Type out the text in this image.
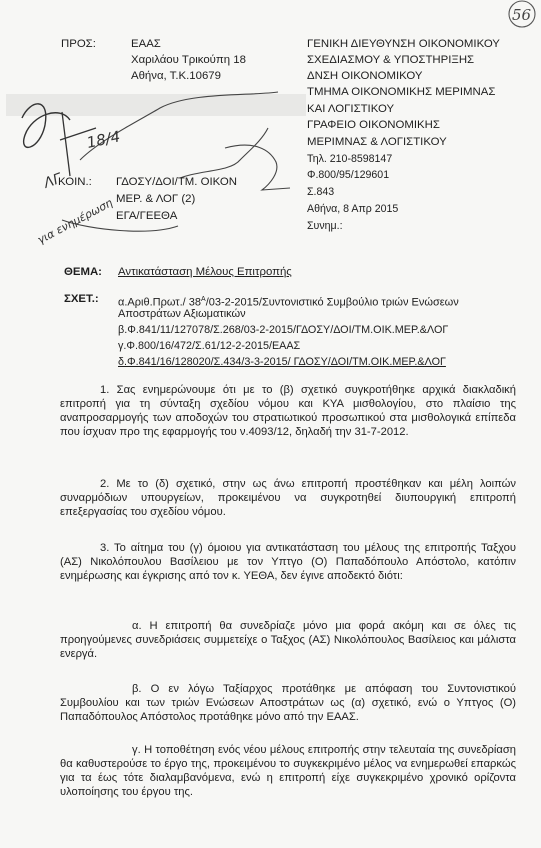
56
18/4
ΛΓ
για ενημέρωση
ΠΡΟΣ:	ΕΑΑΣ
Χαριλάου Τρικούπη 18
Αθήνα, Τ.Κ.10679
ΓΕΝΙΚΗ ΔΙΕΥΘΥΝΣΗ ΟΙΚΟΝΟΜΙΚΟΥ
ΣΧΕΔΙΑΣΜΟΥ & ΥΠΟΣΤΗΡΙΞΗΣ
ΔΝΣΗ ΟΙΚΟΝΟΜΙΚΟΥ
ΤΜΗΜΑ ΟΙΚΟΝΟΜΙΚΗΣ ΜΕΡΙΜΝΑΣ
ΚΑΙ ΛΟΓΙΣΤΙΚΟΥ
ΓΡΑΦΕΙΟ ΟΙΚΟΝΟΜΙΚΗΣ
ΜΕΡΙΜΝΑΣ & ΛΟΓΙΣΤΙΚΟΥ
Τηλ. 210-8598147
Φ.800/95/129601
Σ.843
Αθήνα, 8 Απρ 2015
Συνημ.:
ΚΟΙΝ.: ΓΔΟΣΥ/ΔΟΙ/ΤΜ. ΟΙΚΟΝ
ΜΕΡ. & ΛΟΓ (2)
ΕΓΑ/ΓΕΕΘΑ
ΘΕΜΑ: Αντικατάσταση Μέλους Επιτροπής
ΣΧΕΤ.: α.Αριθ.Πρωτ./ $38^A/03-2-2015$/Συντονιστικό Συμβούλιο τριών Ενώσεων
Αποστράτων Αξιωματικών
β.Φ.841/11/127078/Σ.268/03-2-2015/ΓΔΟΣΥ/ΔΟΙ/ΤΜ.ΟΙΚ.ΜΕΡ.&ΛΟΓ
γ.Φ.800/16/472/Σ.61/12-2-2015/ΕΑΑΣ
δ.Φ.841/16/128020/Σ.434/3-3-2015/ ΓΔΟΣΥ/ΔΟΙ/ΤΜ.ΟΙΚ.ΜΕΡ.&ΛΟΓ

1. Σας ενημερώνουμε ότι με το (β) σχετικό συγκροτήθηκε αρχικά διακλαδική επιτροπή για τη σύνταξη σχεδίου νόμου και ΚΥΑ μισθολογίου, στο πλαίσιο της αναπροσαρμογής των αποδοχών του στρατιωτικού προσωπικού στα μισθολογικά επίπεδα που ίσχυαν προ της εφαρμογής του ν.4093/12, δηλαδή την 31-7-2012.

2. Με το (δ) σχετικό, στην ως άνω επιτροπή προστέθηκαν και μέλη λοιπών συναρμόδιων υπουργείων, προκειμένου να συγκροτηθεί διυπουργική επιτροπή επεξεργασίας του σχεδίου νόμου.

3. Το αίτημα του (γ) όμοιου για αντικατάσταση του μέλους της επιτροπής Ταξχου (ΑΣ) Νικολόπουλου Βασίλειου με τον Υπτγο (Ο) Παπαδόπουλο Απόστολο, κατόπιν ενημέρωσης και έγκρισης από τον κ. ΥΕΘΑ, δεν έγινε αποδεκτό διότι:

α. Η επιτροπή θα συνεδρίαζε μόνο μια φορά ακόμη και σε όλες τις προηγούμενες συνεδριάσεις συμμετείχε ο Ταξχος (ΑΣ) Νικολόπουλος Βασίλειος και μάλιστα ενεργά.

β. Ο εν λόγω Ταξίαρχος προτάθηκε με απόφαση του Συντονιστικού Συμβουλίου και των τριών Ενώσεων Αποστράτων ως (α) σχετικό, ενώ ο Υπτγος (Ο) Παπαδόπουλος Απόστολος προτάθηκε μόνο από την ΕΑΑΣ.

γ. Η τοποθέτηση ενός νέου μέλους επιτροπής στην τελευταία της συνεδρίαση θα καθυστερούσε το έργο της, προκειμένου το συγκεκριμένο μέλος να ενημερωθεί επαρκώς για τα έως τότε διαλαμβανόμενα, ενώ η επιτροπή είχε συγκεκριμένο χρονικό ορίζοντα υλοποίησης του έργου της.
